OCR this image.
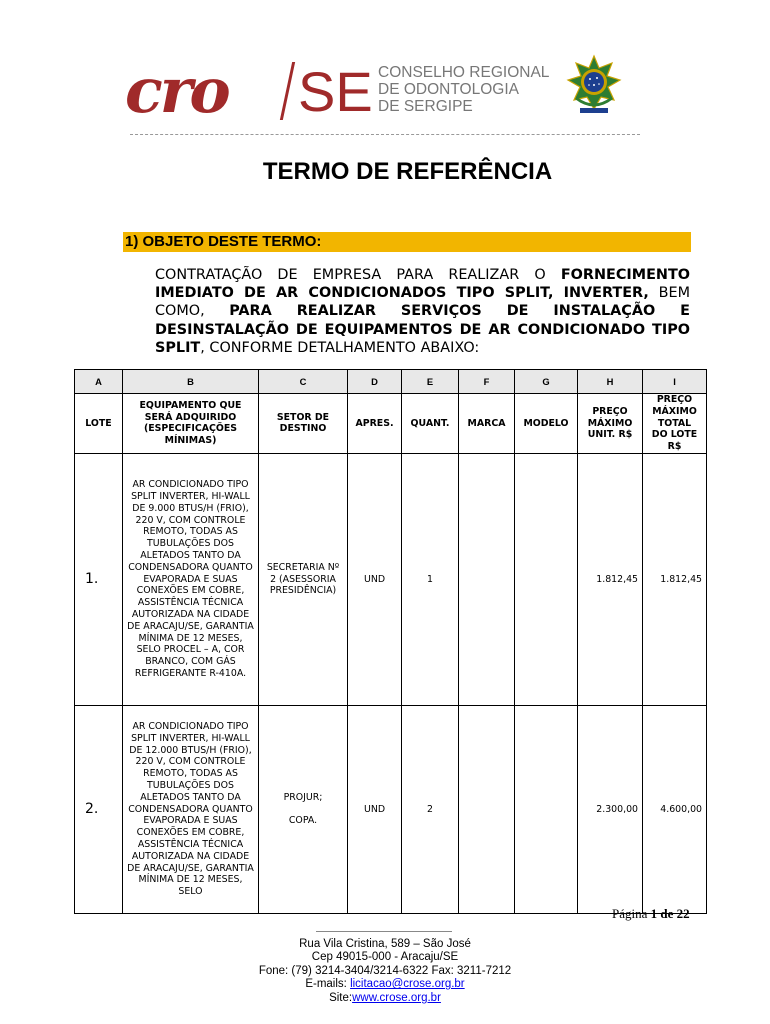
cro SE CONSELHO REGIONAL
DE ODONTOLOGIA
DE SERGIPE
TERMO DE REFERÊNCIA
1) OBJETO DESTE TERMO:
CONTRATAÇÃO DE EMPRESA PARA REALIZAR O FORNECIMENTO IMEDIATO DE AR CONDICIONADOS TIPO SPLIT, INVERTER, BEM COMO, PARA REALIZAR SERVIÇOS DE INSTALAÇÃO E DESINSTALAÇÃO DE EQUIPAMENTOS DE AR CONDICIONADO TIPO SPLIT, CONFORME DETALHAMENTO ABAIXO:
A	B	C	D	E	F	G	H	I
LOTE	EQUIPAMENTO QUE SERÁ ADQUIRIDO (ESPECIFICAÇÕES MÍNIMAS)	SETOR DE DESTINO	APRES.	QUANT.	MARCA	MODELO	PREÇO MÁXIMO UNIT. R$	PREÇO MÁXIMO TOTAL DO LOTE R$
1.	AR CONDICIONADO TIPO SPLIT INVERTER, HI-WALL DE 9.000 BTUS/H (FRIO), 220 V, COM CONTROLE REMOTO, TODAS AS TUBULAÇÕES DOS ALETADOS TANTO DA CONDENSADORA QUANTO EVAPORADA E SUAS CONEXÕES EM COBRE, ASSISTÊNCIA TÉCNICA AUTORIZADA NA CIDADE DE ARACAJU/SE, GARANTIA MÍNIMA DE 12 MESES, SELO PROCEL – A, COR BRANCO, COM GÁS REFRIGERANTE R-410A.	SECRETARIA Nº 2 (ASESSORIA PRESIDÊNCIA)	UND	1			1.812,45	1.812,45
2.	AR CONDICIONADO TIPO SPLIT INVERTER, HI-WALL DE 12.000 BTUS/H (FRIO), 220 V, COM CONTROLE REMOTO, TODAS AS TUBULAÇÕES DOS ALETADOS TANTO DA CONDENSADORA QUANTO EVAPORADA E SUAS CONEXÕES EM COBRE, ASSISTÊNCIA TÉCNICA AUTORIZADA NA CIDADE DE ARACAJU/SE, GARANTIA MÍNIMA DE 12 MESES, SELO	PROJUR;
COPA.	UND	2			2.300,00	4.600,00
Página 1 de 22
Rua Vila Cristina, 589 – São José
Cep 49015-000 - Aracaju/SE
Fone: (79) 3214-3404/3214-6322 Fax: 3211-7212
E-mails: licitacao@crose.org.br
Site:www.crose.org.br
